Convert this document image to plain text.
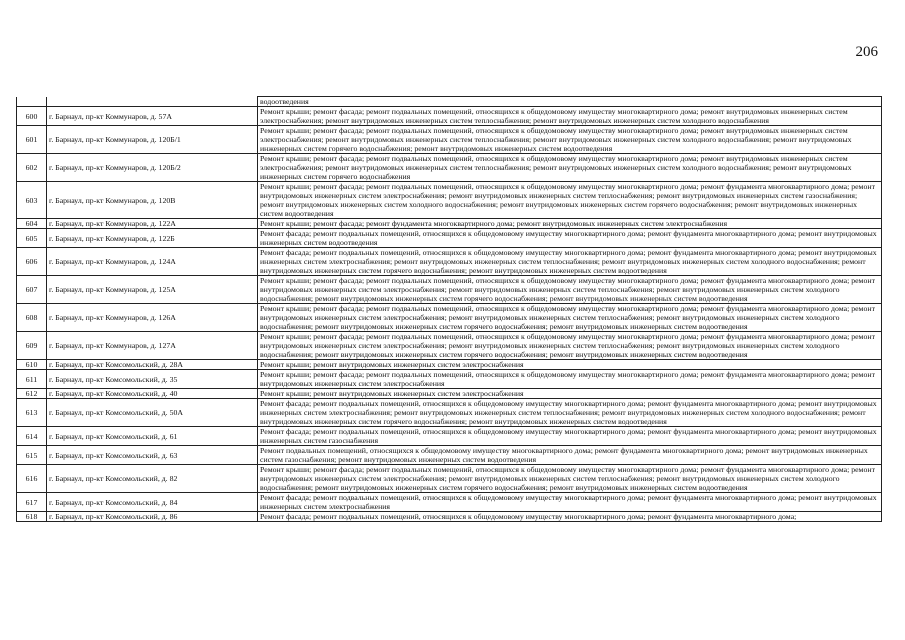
206
		водоотведения
600	г. Барнаул, пр-кт Коммунаров, д. 57А	Ремонт крыши; ремонт фасада; ремонт подвальных помещений, относящихся к общедомовому имуществу многоквартирного дома; ремонт внутридомовых инженерных систем электроснабжения; ремонт внутридомовых инженерных систем теплоснабжения; ремонт внутридомовых инженерных систем холодного водоснабжения
601	г. Барнаул, пр-кт Коммунаров, д. 120Б/1	Ремонт крыши; ремонт фасада; ремонт подвальных помещений, относящихся к общедомовому имуществу многоквартирного дома; ремонт внутридомовых инженерных систем электроснабжения; ремонт внутридомовых инженерных систем теплоснабжения; ремонт внутридомовых инженерных систем холодного водоснабжения; ремонт внутридомовых инженерных систем горячего водоснабжения; ремонт внутридомовых инженерных систем водоотведения
602	г. Барнаул, пр-кт Коммунаров, д. 120Б/2	Ремонт крыши; ремонт фасада; ремонт подвальных помещений, относящихся к общедомовому имуществу многоквартирного дома; ремонт внутридомовых инженерных систем электроснабжения; ремонт внутридомовых инженерных систем теплоснабжения; ремонт внутридомовых инженерных систем холодного водоснабжения; ремонт внутридомовых инженерных систем горячего водоснабжения
603	г. Барнаул, пр-кт Коммунаров, д. 120В	Ремонт крыши; ремонт фасада; ремонт подвальных помещений, относящихся к общедомовому имуществу многоквартирного дома; ремонт фундамента многоквартирного дома; ремонт внутридомовых инженерных систем электроснабжения; ремонт внутридомовых инженерных систем теплоснабжения; ремонт внутридомовых инженерных систем газоснабжения; ремонт внутридомовых инженерных систем холодного водоснабжения; ремонт внутридомовых инженерных систем горячего водоснабжения; ремонт внутридомовых инженерных систем водоотведения
604	г. Барнаул, пр-кт Коммунаров, д. 122А	Ремонт крыши; ремонт фасада; ремонт фундамента многоквартирного дома; ремонт внутридомовых инженерных систем электроснабжения
605	г. Барнаул, пр-кт Коммунаров, д. 122Б	Ремонт фасада; ремонт подвальных помещений, относящихся к общедомовому имуществу многоквартирного дома; ремонт фундамента многоквартирного дома; ремонт внутридомовых инженерных систем водоотведения
606	г. Барнаул, пр-кт Коммунаров, д. 124А	Ремонт фасада; ремонт подвальных помещений, относящихся к общедомовому имуществу многоквартирного дома; ремонт фундамента многоквартирного дома; ремонт внутридомовых инженерных систем электроснабжения; ремонт внутридомовых инженерных систем теплоснабжения; ремонт внутридомовых инженерных систем холодного водоснабжения; ремонт внутридомовых инженерных систем горячего водоснабжения; ремонт внутридомовых инженерных систем водоотведения
607	г. Барнаул, пр-кт Коммунаров, д. 125А	Ремонт крыши; ремонт фасада; ремонт подвальных помещений, относящихся к общедомовому имуществу многоквартирного дома; ремонт фундамента многоквартирного дома; ремонт внутридомовых инженерных систем электроснабжения; ремонт внутридомовых инженерных систем теплоснабжения; ремонт внутридомовых инженерных систем холодного водоснабжения; ремонт внутридомовых инженерных систем горячего водоснабжения; ремонт внутридомовых инженерных систем водоотведения
608	г. Барнаул, пр-кт Коммунаров, д. 126А	Ремонт крыши; ремонт фасада; ремонт подвальных помещений, относящихся к общедомовому имуществу многоквартирного дома; ремонт фундамента многоквартирного дома; ремонт внутридомовых инженерных систем электроснабжения; ремонт внутридомовых инженерных систем теплоснабжения; ремонт внутридомовых инженерных систем холодного водоснабжения; ремонт внутридомовых инженерных систем горячего водоснабжения; ремонт внутридомовых инженерных систем водоотведения
609	г. Барнаул, пр-кт Коммунаров, д. 127А	Ремонт крыши; ремонт фасада; ремонт подвальных помещений, относящихся к общедомовому имуществу многоквартирного дома; ремонт фундамента многоквартирного дома; ремонт внутридомовых инженерных систем электроснабжения; ремонт внутридомовых инженерных систем теплоснабжения; ремонт внутридомовых инженерных систем холодного водоснабжения; ремонт внутридомовых инженерных систем горячего водоснабжения; ремонт внутридомовых инженерных систем водоотведения
610	г. Барнаул, пр-кт Комсомольский, д. 28А	Ремонт крыши; ремонт внутридомовых инженерных систем электроснабжения
611	г. Барнаул, пр-кт Комсомольский, д. 35	Ремонт крыши; ремонт фасада; ремонт подвальных помещений, относящихся к общедомовому имуществу многоквартирного дома; ремонт фундамента многоквартирного дома; ремонт внутридомовых инженерных систем электроснабжения
612	г. Барнаул, пр-кт Комсомольский, д. 40	Ремонт крыши; ремонт внутридомовых инженерных систем электроснабжения
613	г. Барнаул, пр-кт Комсомольский, д. 50А	Ремонт фасада; ремонт подвальных помещений, относящихся к общедомовому имуществу многоквартирного дома; ремонт фундамента многоквартирного дома; ремонт внутридомовых инженерных систем электроснабжения; ремонт внутридомовых инженерных систем теплоснабжения; ремонт внутридомовых инженерных систем холодного водоснабжения; ремонт внутридомовых инженерных систем горячего водоснабжения; ремонт внутридомовых инженерных систем водоотведения
614	г. Барнаул, пр-кт Комсомольский, д. 61	Ремонт фасада; ремонт подвальных помещений, относящихся к общедомовому имуществу многоквартирного дома; ремонт фундамента многоквартирного дома; ремонт внутридомовых инженерных систем газоснабжения
615	г. Барнаул, пр-кт Комсомольский, д. 63	Ремонт подвальных помещений, относящихся к общедомовому имуществу многоквартирного дома; ремонт фундамента многоквартирного дома; ремонт внутридомовых инженерных систем газоснабжения; ремонт внутридомовых инженерных систем водоотведения
616	г. Барнаул, пр-кт Комсомольский, д. 82	Ремонт крыши; ремонт фасада; ремонт подвальных помещений, относящихся к общедомовому имуществу многоквартирного дома; ремонт фундамента многоквартирного дома; ремонт внутридомовых инженерных систем электроснабжения; ремонт внутридомовых инженерных систем теплоснабжения; ремонт внутридомовых инженерных систем холодного водоснабжения; ремонт внутридомовых инженерных систем горячего водоснабжения; ремонт внутридомовых инженерных систем водоотведения
617	г. Барнаул, пр-кт Комсомольский, д. 84	Ремонт фасада; ремонт подвальных помещений, относящихся к общедомовому имуществу многоквартирного дома; ремонт фундамента многоквартирного дома; ремонт внутридомовых инженерных систем электроснабжения
618	г. Барнаул, пр-кт Комсомольский, д. 86	Ремонт фасада; ремонт подвальных помещений, относящихся к общедомовому имуществу многоквартирного дома; ремонт фундамента многоквартирного дома;
